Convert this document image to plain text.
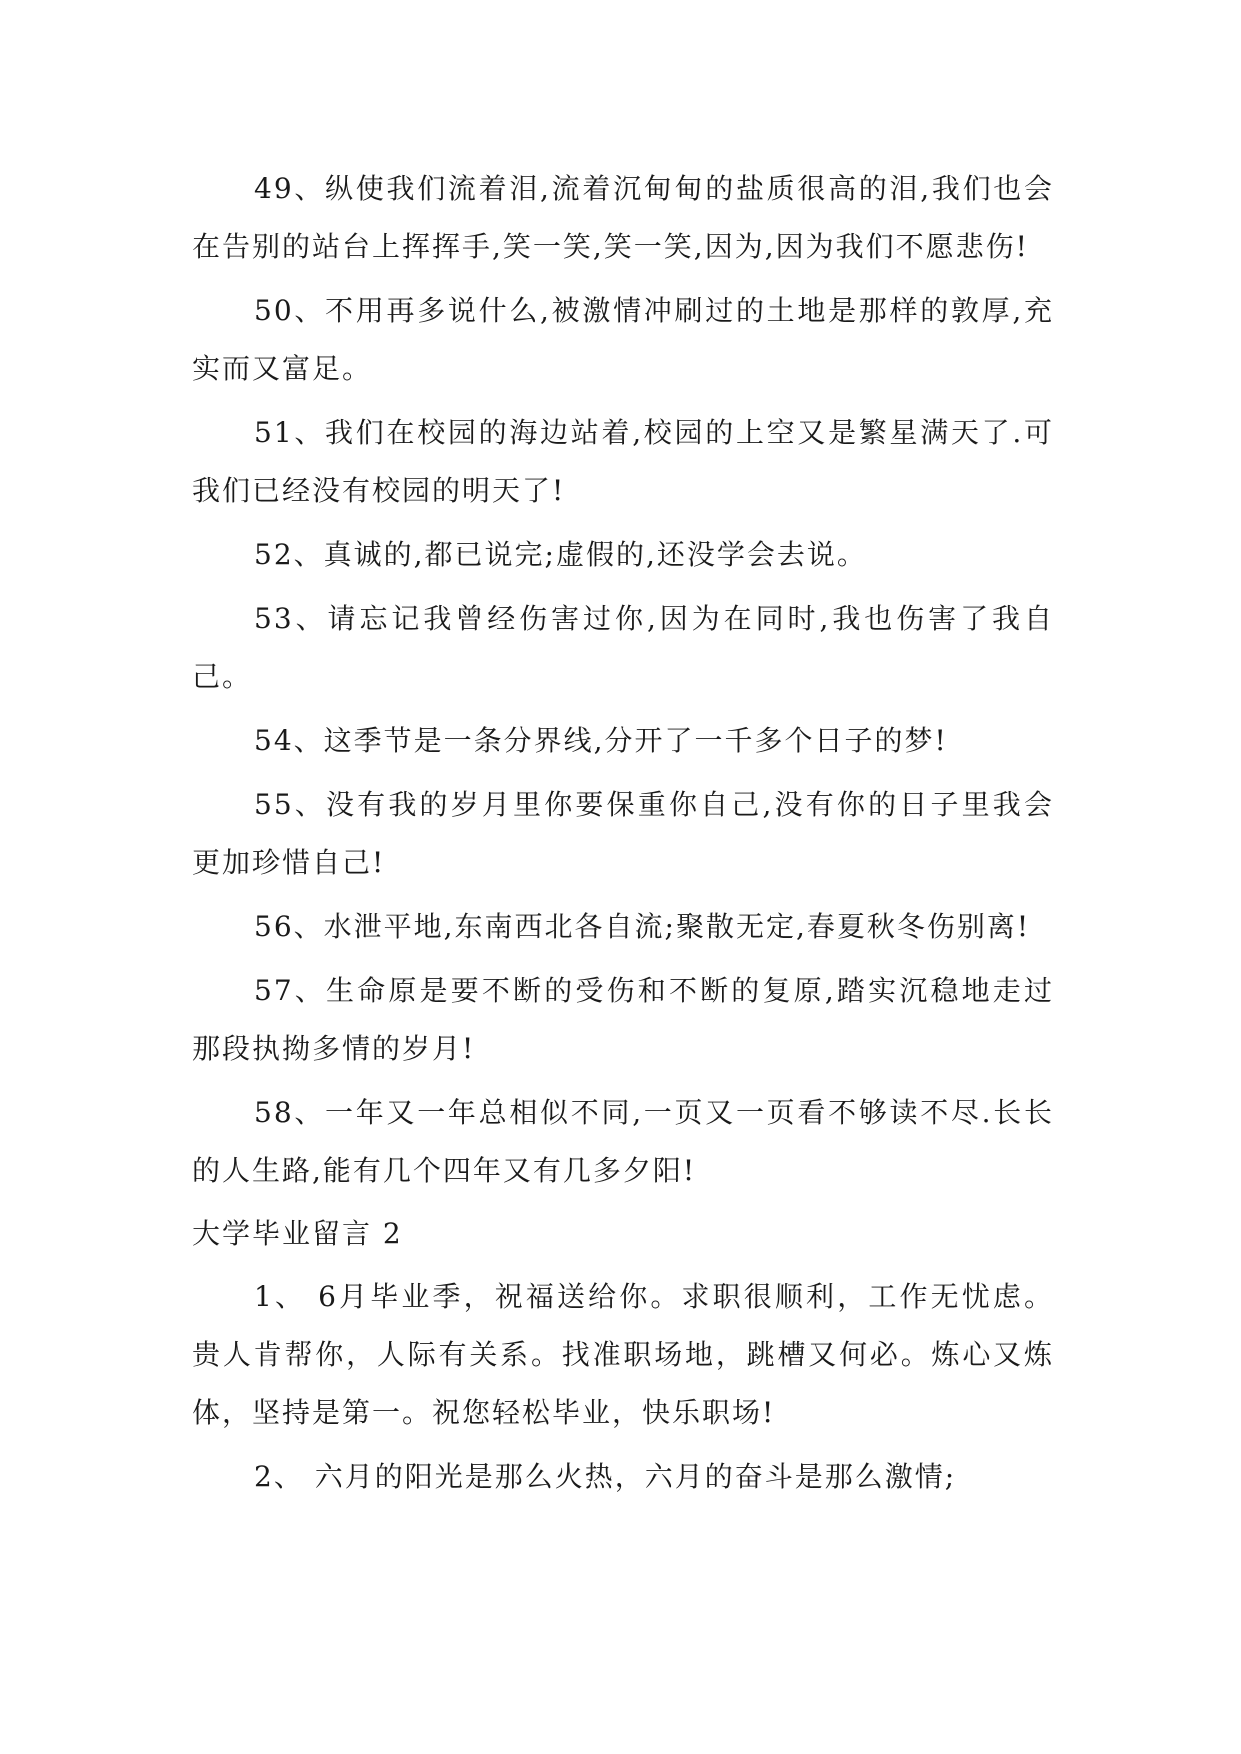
49、纵使我们流着泪,流着沉甸甸的盐质很高的泪,我们也会在告别的站台上挥挥手,笑一笑,笑一笑,因为,因为我们不愿悲伤!

50、不用再多说什么,被激情冲刷过的土地是那样的敦厚,充实而又富足。

51、我们在校园的海边站着,校园的上空又是繁星满天了.可我们已经没有校园的明天了!

52、真诚的,都已说完;虚假的,还没学会去说。

53、请忘记我曾经伤害过你,因为在同时,我也伤害了我自己。

54、这季节是一条分界线,分开了一千多个日子的梦!

55、没有我的岁月里你要保重你自己,没有你的日子里我会更加珍惜自己!

56、水泄平地,东南西北各自流;聚散无定,春夏秋冬伤别离!

57、生命原是要不断的受伤和不断的复原,踏实沉稳地走过那段执拗多情的岁月!

58、一年又一年总相似不同,一页又一页看不够读不尽.长长的人生路,能有几个四年又有几多夕阳!

大学毕业留言 2

1、 6月毕业季，祝福送给你。求职很顺利，工作无忧虑。贵人肯帮你，人际有关系。找准职场地，跳槽又何必。炼心又炼体，坚持是第一。祝您轻松毕业，快乐职场!

2、 六月的阳光是那么火热，六月的奋斗是那么激情;
